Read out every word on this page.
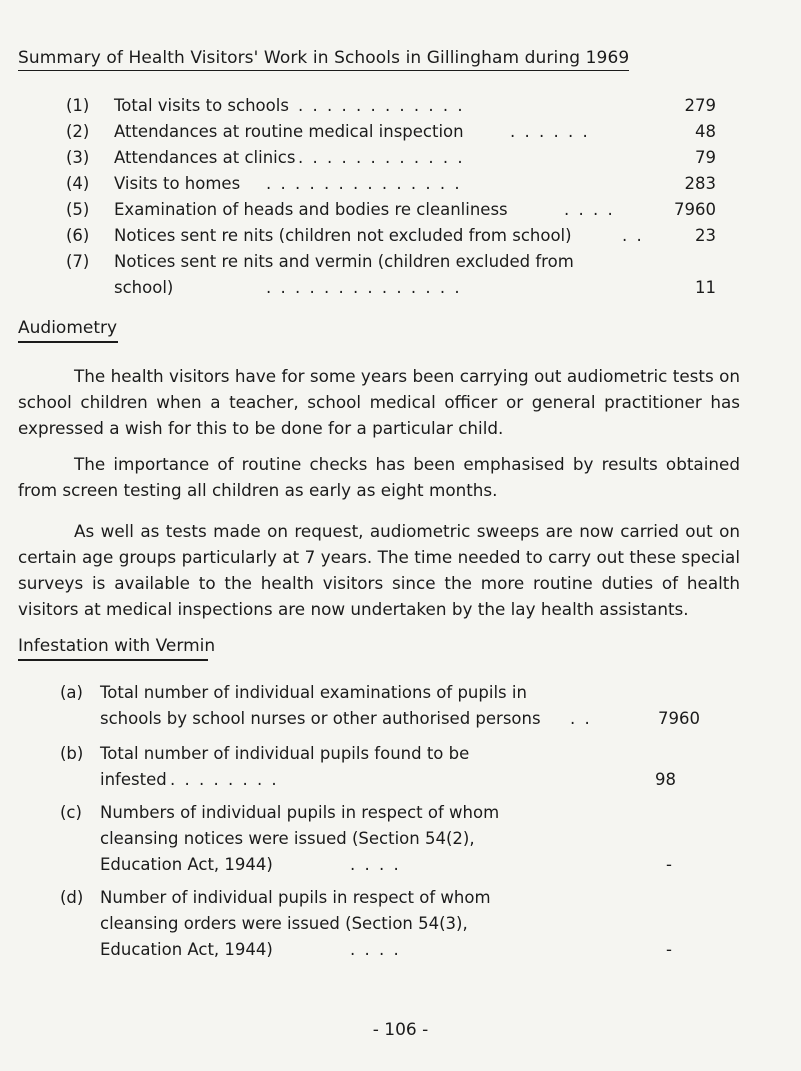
Summary of Health Visitors' Work in Schools in Gillingham during 1969
(1)	Total visits to schools . . . . . . . . . . . .	279
(2)	Attendances at routine medical inspection	. . . . . .	48
(3)	Attendances at clinics . . . . . . . . . . . .	79
(4)	Visits to homes . . . . . . . . . . . . . .	283
(5)	Examination of heads and bodies re cleanliness	. . . .	7960
(6)	Notices sent re nits (children not excluded from school)	. .	23
(7)	Notices sent re nits and vermin (children excluded from
school)	. . . . . . . . . . . . . .	11
Audiometry
The health visitors have for some years been carrying out audiometric tests on school children when a teacher, school medical officer or general practitioner has expressed a wish for this to be done for a particular child.
The importance of routine checks has been emphasised by results obtained from screen testing all children as early as eight months.
As well as tests made on request, audiometric sweeps are now carried out on certain age groups particularly at 7 years. The time needed to carry out these special surveys is available to the health visitors since the more routine duties of health visitors at medical inspections are now undertaken by the lay health assistants.
Infestation with Vermin
(a)	Total number of individual examinations of pupils in
schools by school nurses or other authorised persons	. .	7960
(b)	Total number of individual pupils found to be
infested . . . . . . . .	98
(c)	Numbers of individual pupils in respect of whom
cleansing notices were issued (Section 54(2),
Education Act, 1944)	. . . .	-
(d)	Number of individual pupils in respect of whom
cleansing orders were issued (Section 54(3),
Education Act, 1944)	. . . .	-
- 106 -
